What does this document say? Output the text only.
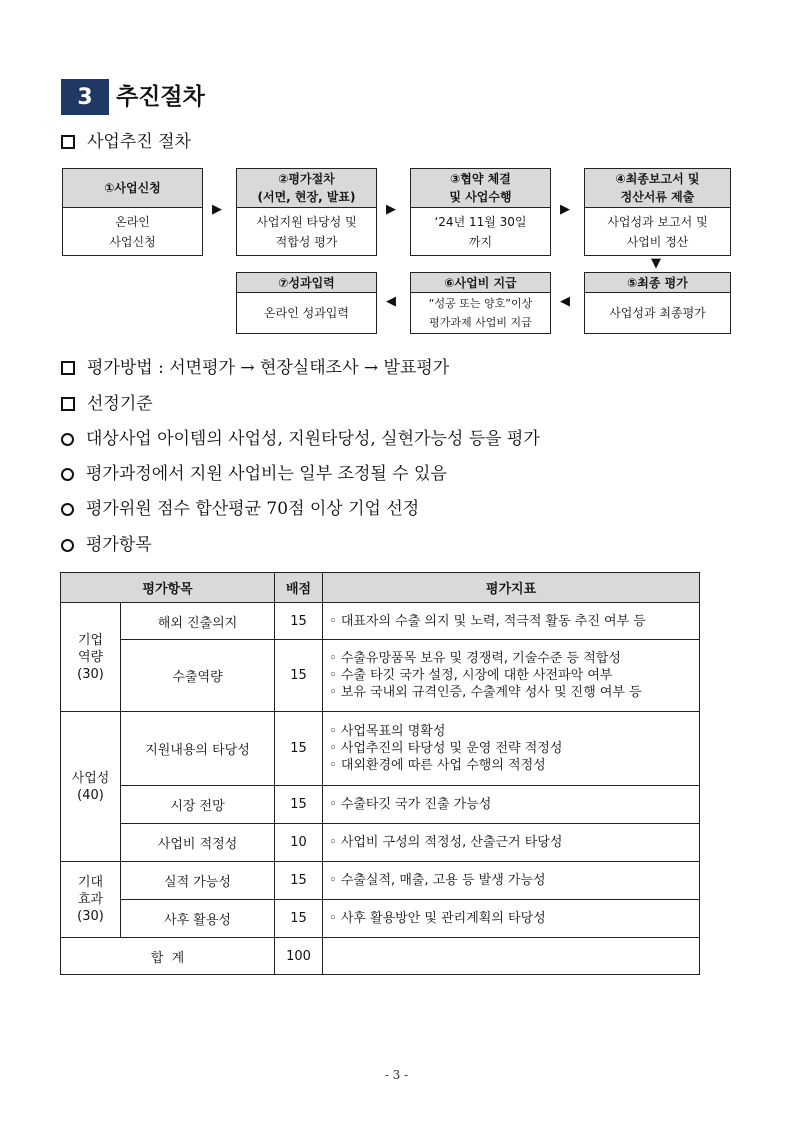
3	추진절차
사업추진 절차
①사업신청
온라인
사업신청
▶
②평가절차
(서면, 현장, 발표)
사업지원 타당성 및
적합성 평가
▶
③협약 체결
및 사업수행
‘24년 11월 30일
까지
▶
④최종보고서 및
정산서류 제출
사업성과 보고서 및
사업비 정산
▼
⑦성과입력
온라인 성과입력
◀
⑥사업비 지급
“성공 또는 양호”이상
평가과제 사업비 지급
◀
⑤최종 평가
사업성과 최종평가
평가방법 : 서면평가 → 현장실태조사 → 발표평가
선정기준
대상사업 아이템의 사업성, 지원타당성, 실현가능성 등을 평가
평가과정에서 지원 사업비는 일부 조정될 수 있음
평가위원 점수 합산평균 70점 이상 기업 선정
평가항목
평가항목		배점	평가지표

기업
역량
(30)	해외 진출의지	15	◦ 대표자의 수출 의지 및 노력, 적극적 활동 추진 여부 등

	수출역량	15	◦ 수출유망품목 보유 및 경쟁력, 기술수준 등 적합성
◦ 수출 타깃 국가 설정, 시장에 대한 사전파악 여부
◦ 보유 국내외 규격인증, 수출계약 성사 및 진행 여부 등

사업성
(40)	지원내용의 타당성	15	◦ 사업목표의 명확성
◦ 사업추진의 타당성 및 운영 전략 적정성
◦ 대외환경에 따른 사업 수행의 적정성

	시장 전망	15	◦ 수출타깃 국가 진출 가능성

	사업비 적정성	10	◦ 사업비 구성의 적정성, 산출근거 타당성

기대
효과
(30)	실적 가능성	15	◦ 수출실적, 매출, 고용 등 발생 가능성

	사후 활용성	15	◦ 사후 활용방안 및 관리계획의 타당성

합  계		100	
- 3 -
